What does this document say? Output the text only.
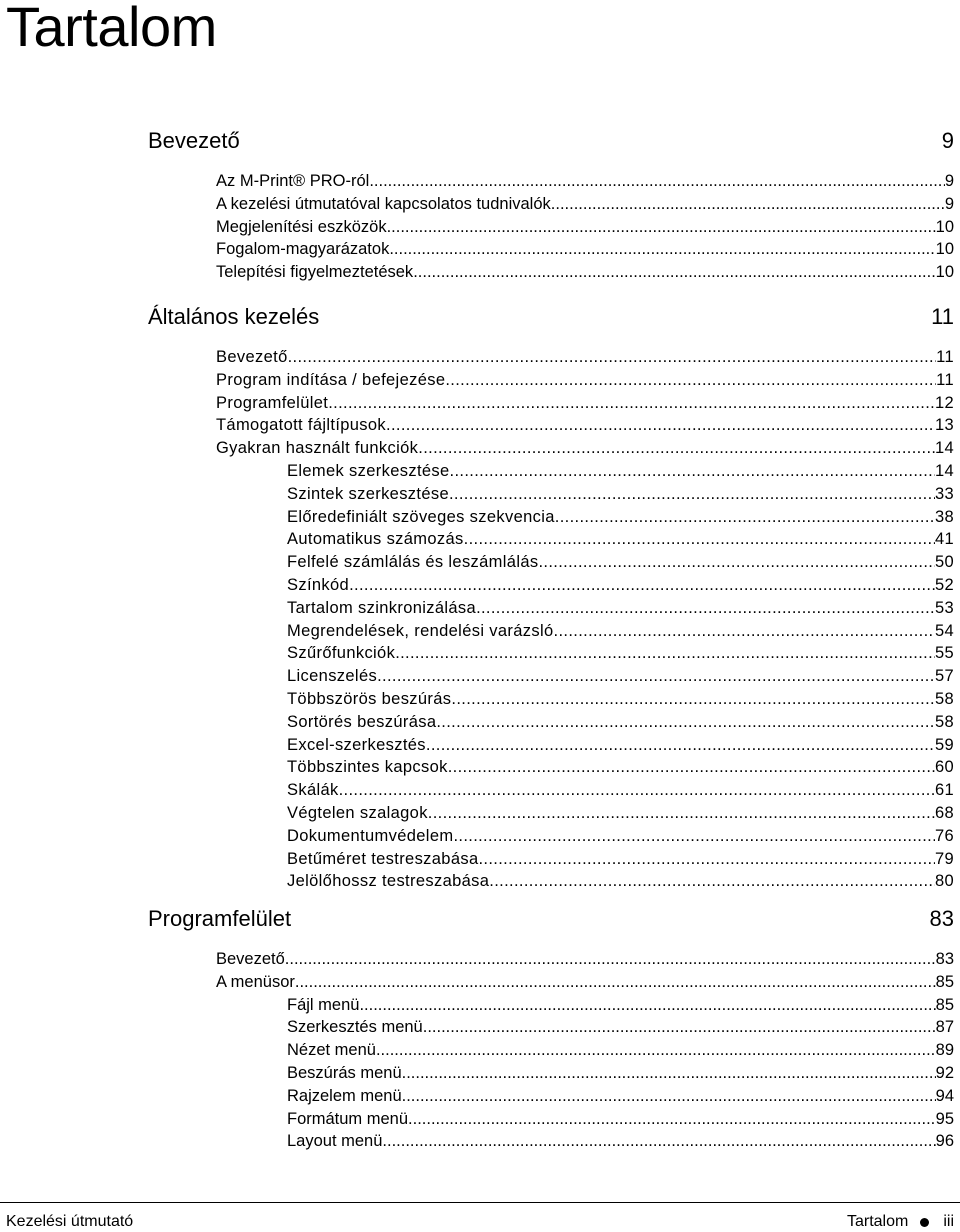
Tartalom
Bevezető	9
Az M-Print® PRO-ról .....	9
A kezelési útmutatóval kapcsolatos tudnivalók .....	9
Megjelenítési eszközök .....	10
Fogalom-magyarázatok .....	10
Telepítési figyelmeztetések .....	10
Általános kezelés	11
Bevezető .....	11
Program indítása / befejezése .....	11
Programfelület .....	12
Támogatott fájltípusok .....	13
Gyakran használt funkciók .....	14
Elemek szerkesztése .....	14
Szintek szerkesztése .....	33
Előredefiniált szöveges szekvencia .....	38
Automatikus számozás .....	41
Felfelé számlálás és leszámlálás .....	50
Színkód .....	52
Tartalom szinkronizálása .....	53
Megrendelések, rendelési varázsló .....	54
Szűrőfunkciók .....	55
Licenszelés .....	57
Többszörös beszúrás .....	58
Sortörés beszúrása .....	58
Excel-szerkesztés .....	59
Többszintes kapcsok .....	60
Skálák .....	61
Végtelen szalagok .....	68
Dokumentumvédelem .....	76
Betűméret testreszabása .....	79
Jelölőhossz testreszabása .....	80
Programfelület	83
Bevezető .....	83
A menüsor .....	85
Fájl menü .....	85
Szerkesztés menü .....	87
Nézet menü .....	89
Beszúrás menü .....	92
Rajzelem menü .....	94
Formátum menü .....	95
Layout menü .....	96
Kezelési útmutató	Tartalom iii
